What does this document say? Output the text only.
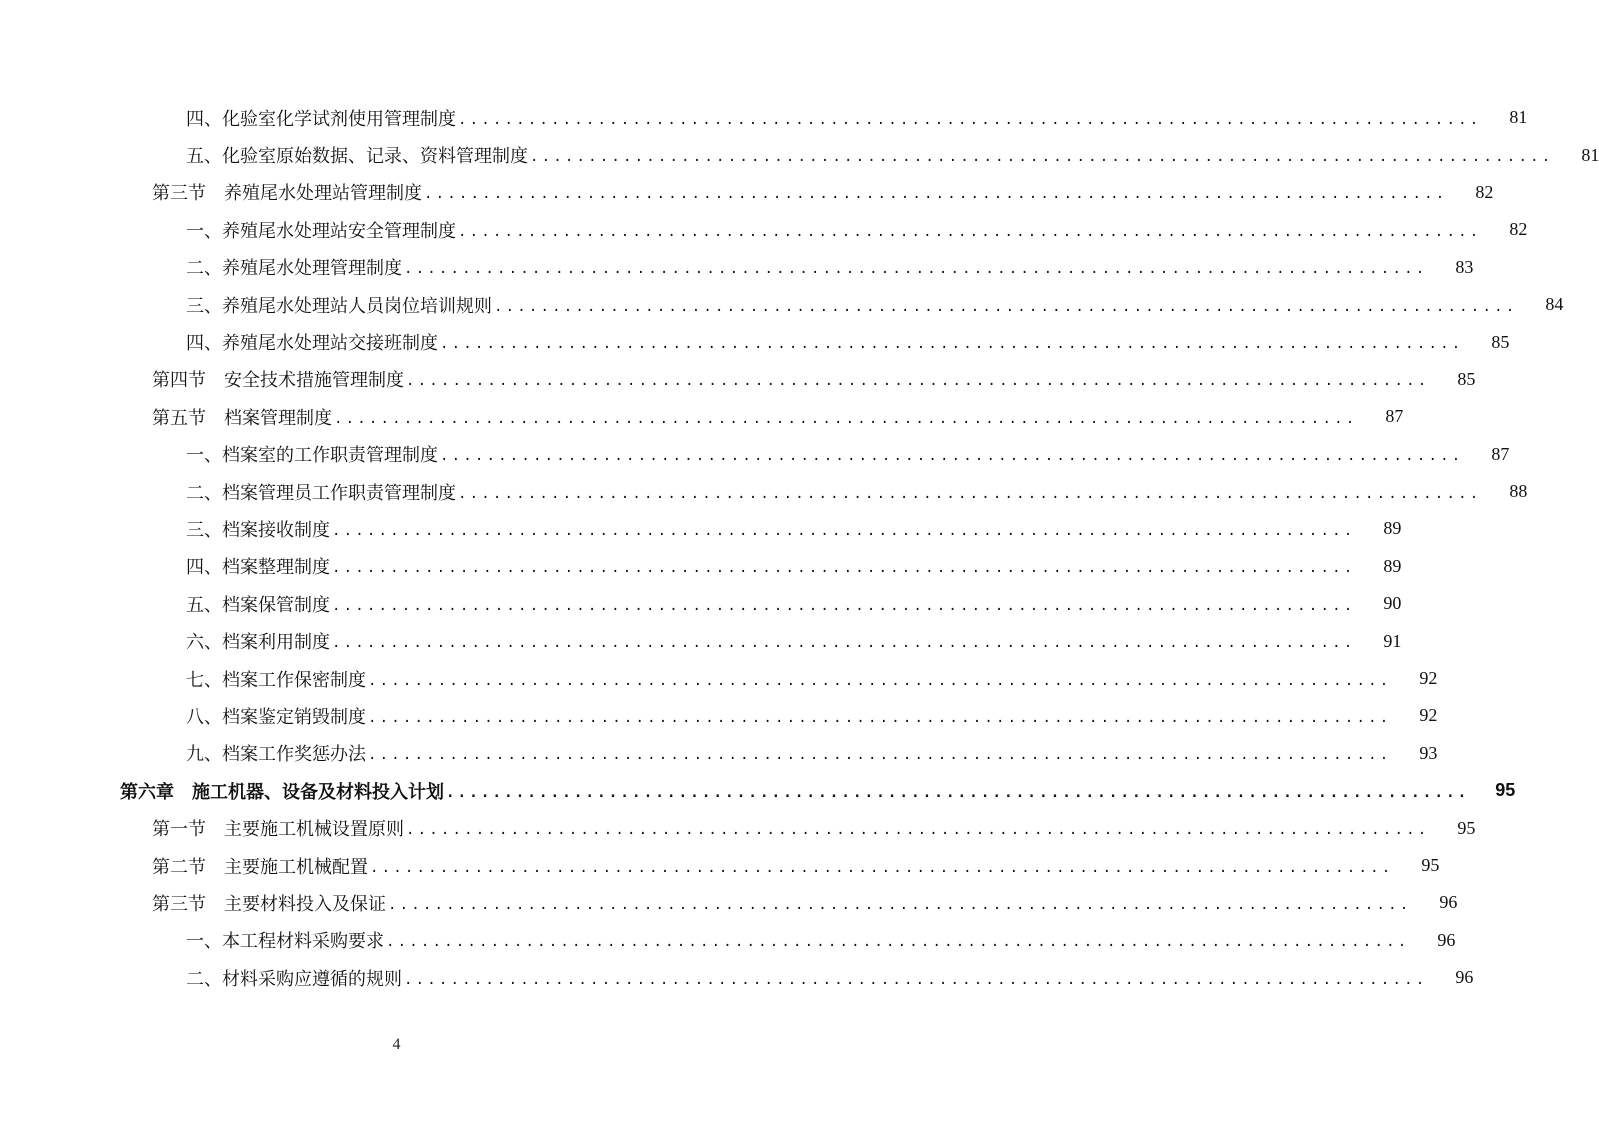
四、化验室化学试剂使用管理制度 ........................................................................................	81
五、化验室原始数据、记录、资料管理制度 ........................................................................................	81
第三节　养殖尾水处理站管理制度 ........................................................................................	82
一、养殖尾水处理站安全管理制度 ........................................................................................	82
二、养殖尾水处理管理制度 ........................................................................................	83
三、养殖尾水处理站人员岗位培训规则 ........................................................................................	84
四、养殖尾水处理站交接班制度 ........................................................................................	85
第四节　安全技术措施管理制度 ........................................................................................	85
第五节　档案管理制度 ........................................................................................	87
一、档案室的工作职责管理制度 ........................................................................................	87
二、档案管理员工作职责管理制度 ........................................................................................	88
三、档案接收制度 ........................................................................................	89
四、档案整理制度 ........................................................................................	89
五、档案保管制度 ........................................................................................	90
六、档案利用制度 ........................................................................................	91
七、档案工作保密制度 ........................................................................................	92
八、档案鉴定销毁制度 ........................................................................................	92
九、档案工作奖惩办法 ........................................................................................	93
第六章　施工机器、设备及材料投入计划 ........................................................................................	95
第一节　主要施工机械设置原则 ........................................................................................	95
第二节　主要施工机械配置 ........................................................................................	95
第三节　主要材料投入及保证 ........................................................................................	96
一、本工程材料采购要求 ........................................................................................	96
二、材料采购应遵循的规则 ........................................................................................	96
4
